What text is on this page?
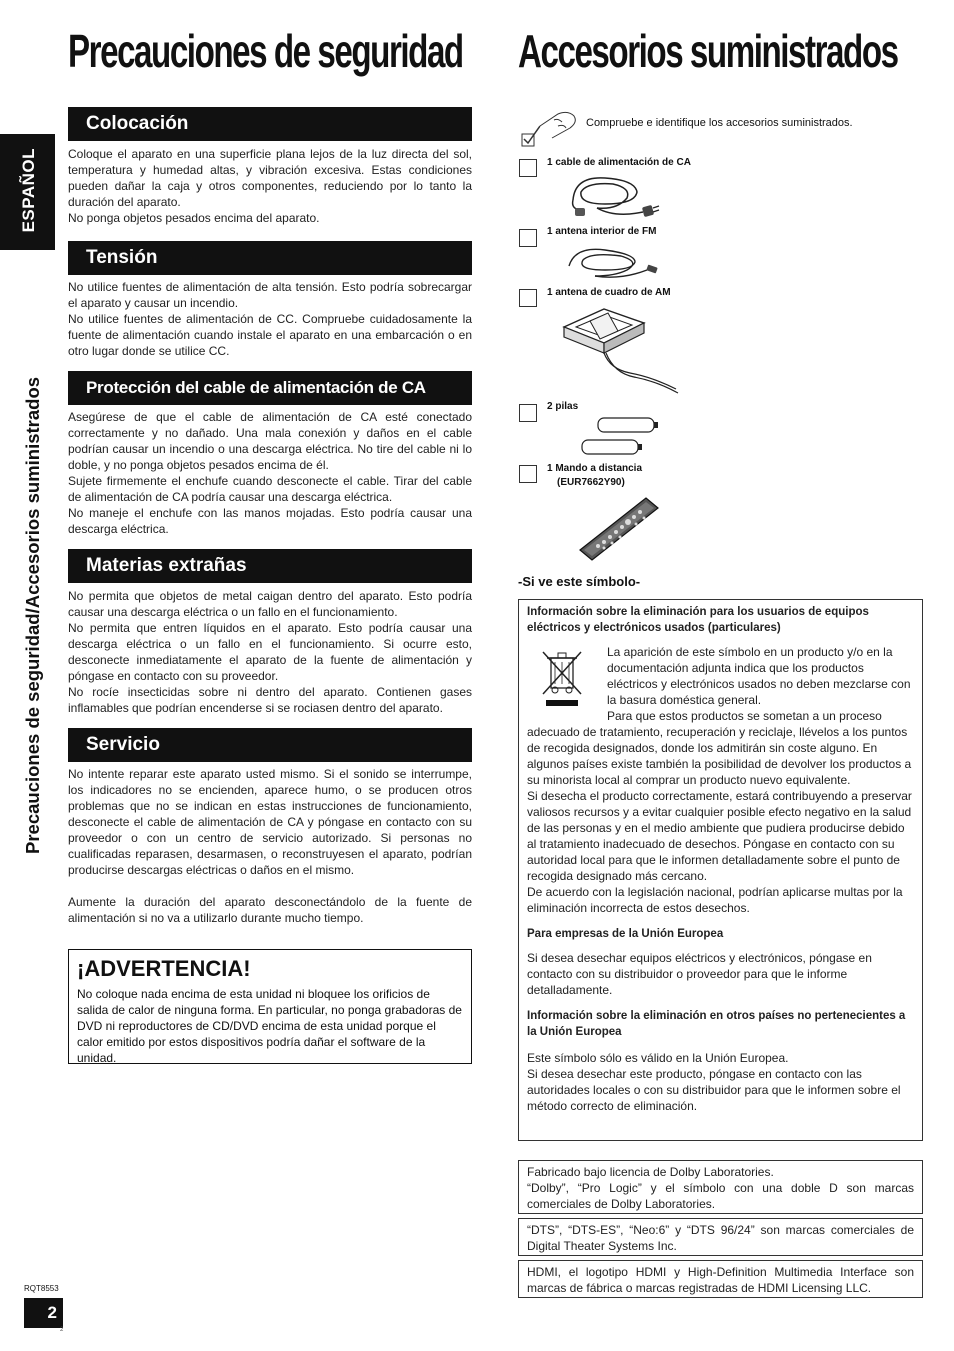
Precauciones de seguridad Accesorios suministrados
ESPAÑOL
Precauciones de seguridad/Accesorios suministrados
Colocación

Coloque el aparato en una superficie plana lejos de la luz directa del sol, temperatura y humedad altas, y vibración excesiva. Estas condiciones pueden dañar la caja y otros componentes, reduciendo por lo tanto la duración del aparato.

No ponga objetos pesados encima del aparato.

Tensión

No utilice fuentes de alimentación de alta tensión. Esto podría sobrecargar el aparato y causar un incendio.

No utilice fuentes de alimentación de CC. Compruebe cuidadosamente la fuente de alimentación cuando instale el aparato en una embarcación o en otro lugar donde se utilice CC.

Protección del cable de alimentación de CA

Asegúrese de que el cable de alimentación de CA esté conectado correctamente y no dañado. Una mala conexión y daños en el cable podrían causar un incendio o una descarga eléctrica. No tire del cable ni lo doble, y no ponga objetos pesados encima de él.

Sujete firmemente el enchufe cuando desconecte el cable. Tirar del cable de alimentación de CA podría causar una descarga eléctrica.

No maneje el enchufe con las manos mojadas. Esto podría causar una descarga eléctrica.

Materias extrañas

No permita que objetos de metal caigan dentro del aparato. Esto podría causar una descarga eléctrica o un fallo en el funcionamiento.

No permita que entren líquidos en el aparato. Esto podría causar una descarga eléctrica o un fallo en el funcionamiento. Si ocurre esto, desconecte inmediatamente el aparato de la fuente de alimentación y póngase en contacto con su proveedor.

No rocíe insecticidas sobre ni dentro del aparato. Contienen gases inflamables que podrían encenderse si se rociasen dentro del aparato.

Servicio

No intente reparar este aparato usted mismo. Si el sonido se interrumpe, los indicadores no se encienden, aparece humo, o se producen otros problemas que no se indican en estas instrucciones de funcionamiento, desconecte el cable de alimentación de CA y póngase en contacto con su proveedor o con un centro de servicio autorizado. Si personas no cualificadas reparasen, desarmasen, o reconstruyesen el aparato, podrían producirse descargas eléctricas o daños en el mismo.

Aumente la duración del aparato desconectándolo de la fuente de alimentación si no va a utilizarlo durante mucho tiempo.

¡ADVERTENCIA!
No coloque nada encima de esta unidad ni bloquee los orificios de salida de calor de ninguna forma. En particular, no ponga grabadoras de DVD ni reproductores de CD/DVD encima de esta unidad porque el calor emitido por estos dispositivos podría dañar el software de la unidad.
Compruebe e identifique los accesorios suministrados.
1 cable de alimentación de CA
1 antena interior de FM
1 antena de cuadro de AM
2 pilas
1 Mando a distancia
(EUR7662Y90)
-Si ve este símbolo-

Información sobre la eliminación para los usuarios de equipos eléctricos y electrónicos usados (particulares)

La aparición de este símbolo en un producto y/o en la documentación adjunta indica que los productos eléctricos y electrónicos usados no deben mezclarse con la basura doméstica general.

Para que estos productos se sometan a un proceso adecuado de tratamiento, recuperación y reciclaje, llévelos a los puntos de recogida designados, donde los admitirán sin coste alguno. En algunos países existe también la posibilidad de devolver los productos a su minorista local al comprar un producto nuevo equivalente.

Si desecha el producto correctamente, estará contribuyendo a preservar valiosos recursos y a evitar cualquier posible efecto negativo en la salud de las personas y en el medio ambiente que pudiera producirse debido al tratamiento inadecuado de desechos. Póngase en contacto con su autoridad local para que le informen detalladamente sobre el punto de recogida designado más cercano.

De acuerdo con la legislación nacional, podrían aplicarse multas por la eliminación incorrecta de estos desechos.

Para empresas de la Unión Europea

Si desea desechar equipos eléctricos y electrónicos, póngase en contacto con su distribuidor o proveedor para que le informe detalladamente.

Información sobre la eliminación en otros países no pertenecientes a la Unión Europea

Este símbolo sólo es válido en la Unión Europea.

Si desea desechar este producto, póngase en contacto con las autoridades locales o con su distribuidor para que le informen sobre el método correcto de eliminación.

Fabricado bajo licencia de Dolby Laboratories.
“Dolby”, “Pro Logic” y el símbolo con una doble D son marcas comerciales de Dolby Laboratories.
“DTS”, “DTS-ES”, “Neo:6” y “DTS 96/24” son marcas comerciales de Digital Theater Systems Inc.
HDMI, el logotipo HDMI y High-Definition Multimedia Interface son marcas de fábrica o marcas registradas de HDMI Licensing LLC.
RQT8553
2
2
